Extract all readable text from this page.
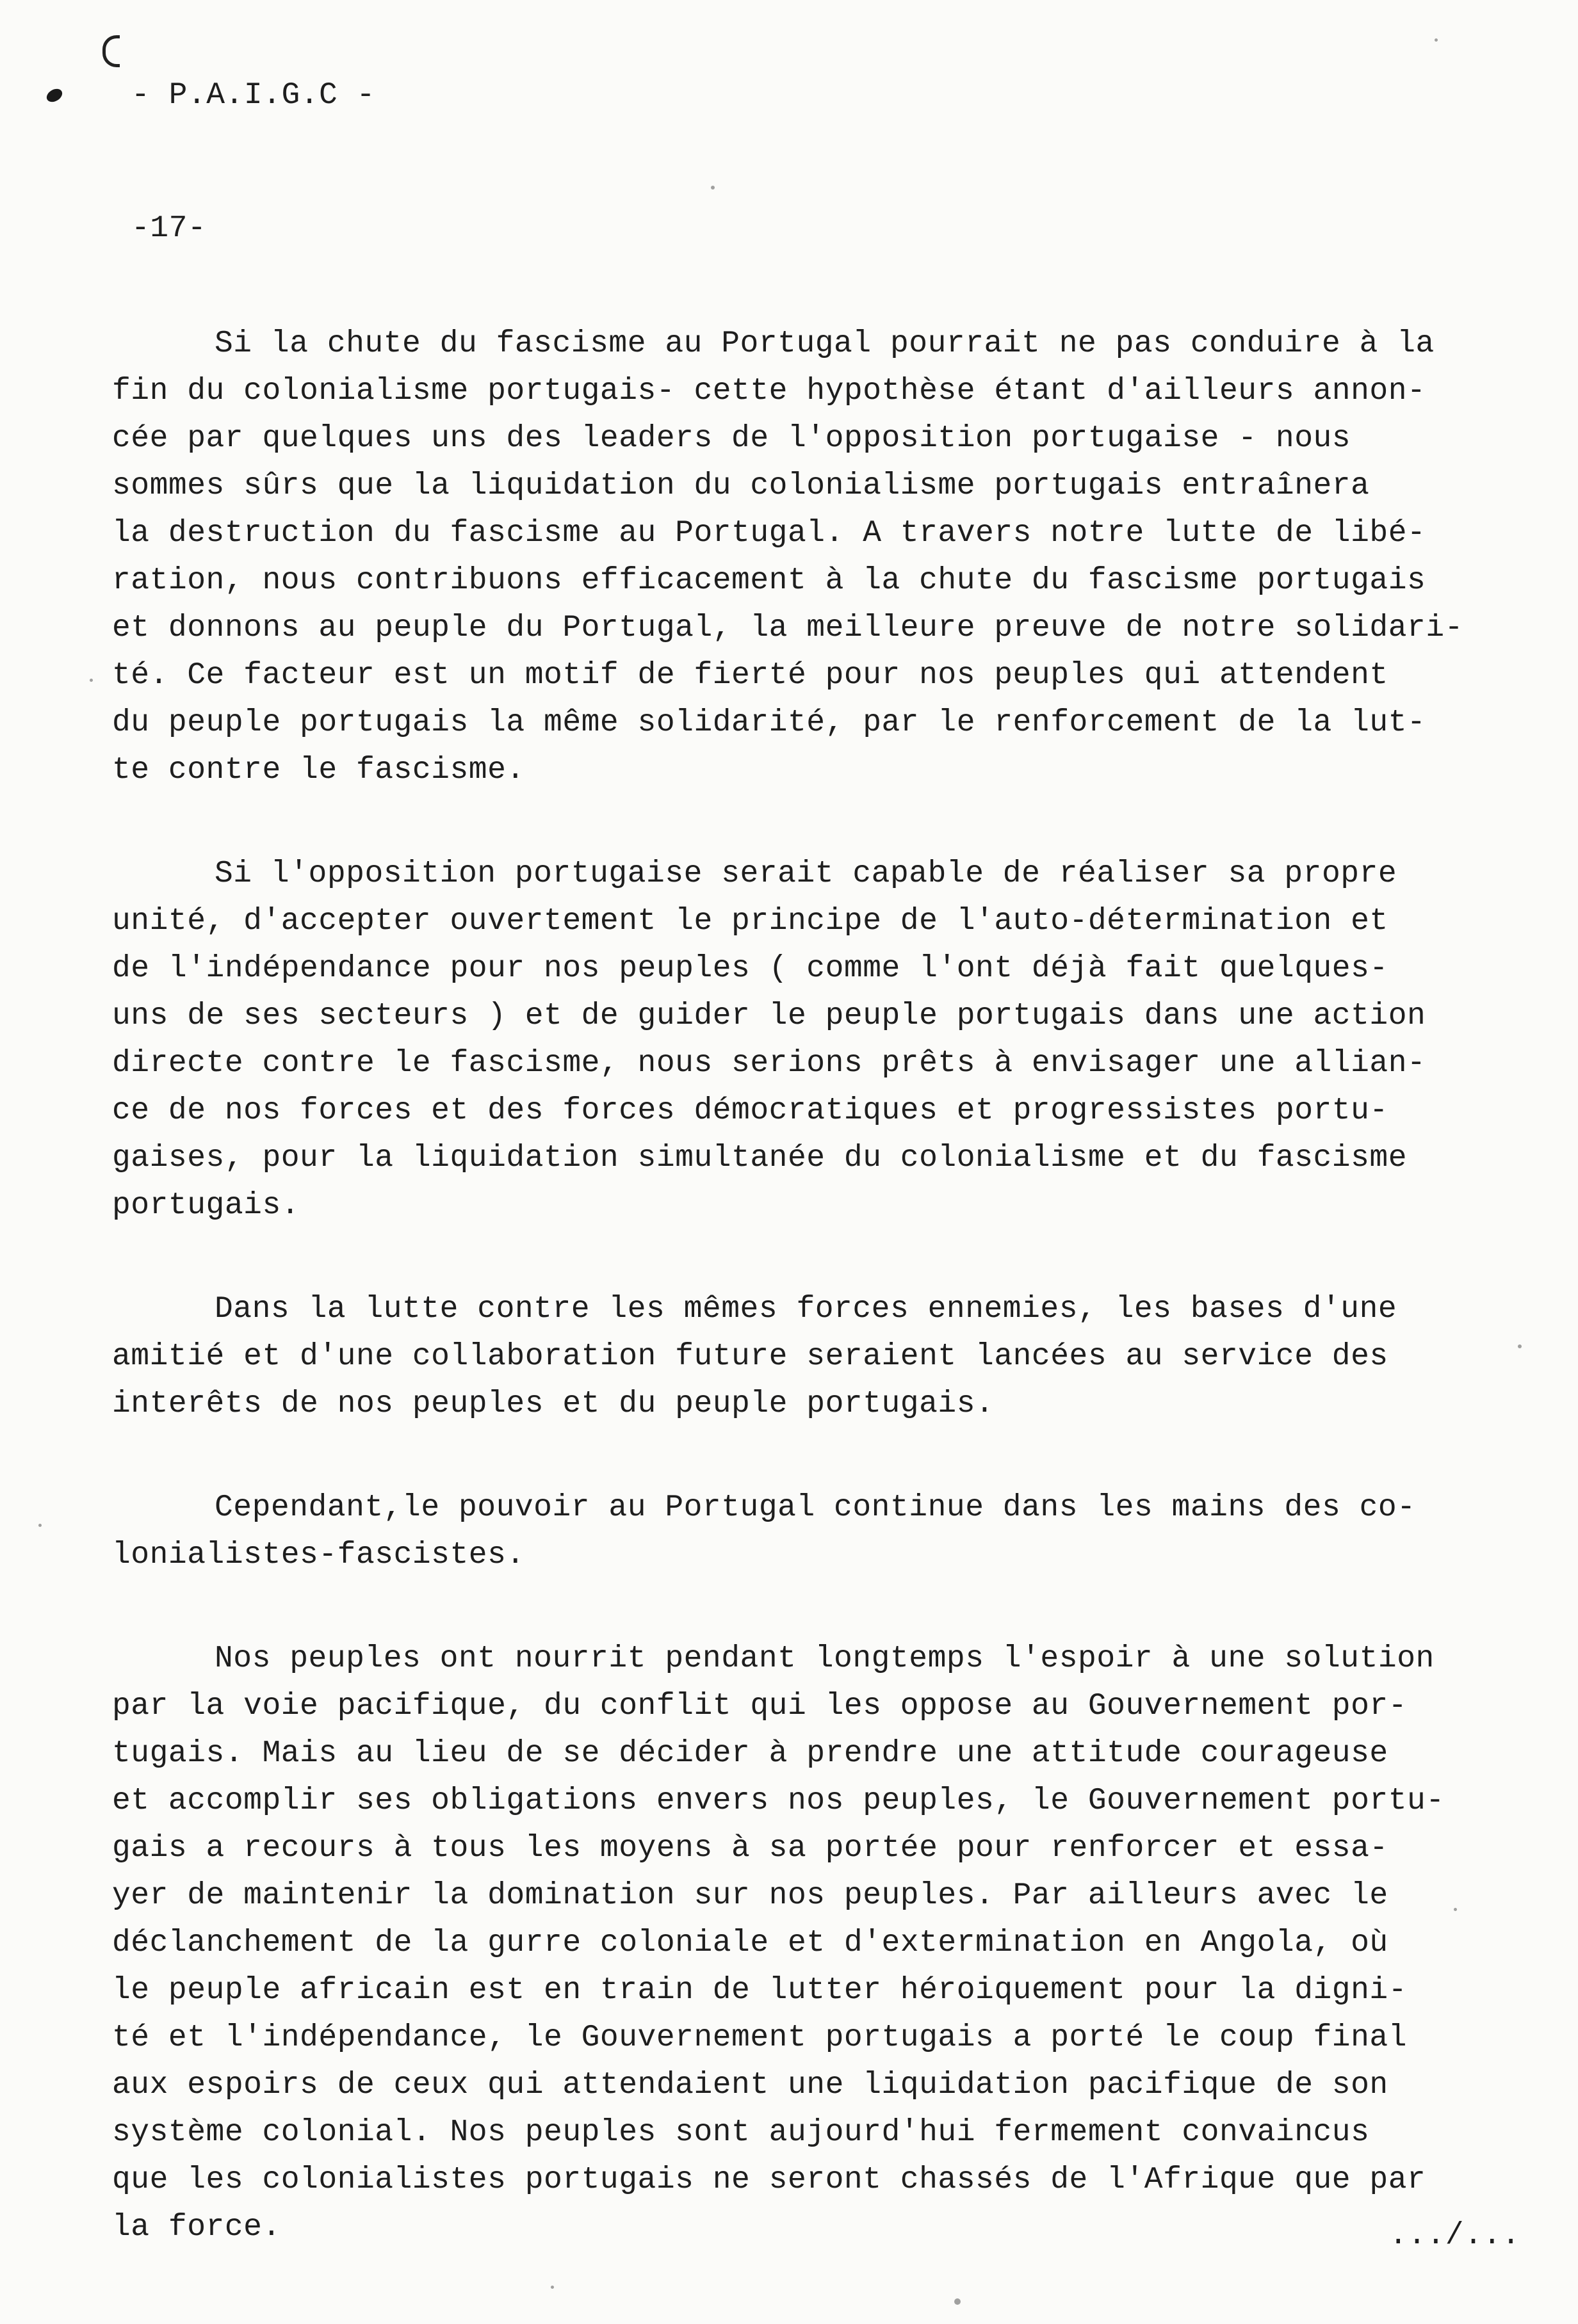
- P.A.I.G.C -
-17-
Si la chute du fascisme au Portugal pourrait ne pas conduire à la
fin du colonialisme portugais- cette hypothèse étant d'ailleurs annon-
cée par quelques uns des leaders de l'opposition portugaise - nous
sommes sûrs que la liquidation du colonialisme portugais entraînera
la destruction du fascisme au Portugal. A travers notre lutte de libé-
ration, nous contribuons efficacement à la chute du fascisme portugais
et donnons au peuple du Portugal, la meilleure preuve de notre solidari-
té. Ce facteur est un motif de fierté pour nos peuples qui attendent
du peuple portugais la même solidarité, par le renforcement de la lut-
te contre le fascisme.
Si l'opposition portugaise serait capable de réaliser sa propre
unité, d'accepter ouvertement le principe de l'auto-détermination et
de l'indépendance pour nos peuples ( comme l'ont déjà fait quelques-
uns de ses secteurs ) et de guider le peuple portugais dans une action
directe contre le fascisme, nous serions prêts à envisager une allian-
ce de nos forces et des forces démocratiques et progressistes portu-
gaises, pour la liquidation simultanée du colonialisme et du fascisme
portugais.
Dans la lutte contre les mêmes forces ennemies, les bases d'une
amitié et d'une collaboration future seraient lancées au service des
interêts de nos peuples et du peuple portugais.
Cependant,le pouvoir au Portugal continue dans les mains des co-
lonialistes-fascistes.
Nos peuples ont nourrit pendant longtemps l'espoir à une solution
par la voie pacifique, du conflit qui les oppose au Gouvernement por-
tugais. Mais au lieu de se décider à prendre une attitude courageuse
et accomplir ses obligations envers nos peuples, le Gouvernement portu-
gais a recours à tous les moyens à sa portée pour renforcer et essa-
yer de maintenir la domination sur nos peuples. Par ailleurs avec le
déclanchement de la gurre coloniale et d'extermination en Angola, où
le peuple africain est en train de lutter héroiquement pour la digni-
té et l'indépendance, le Gouvernement portugais a porté le coup final
aux espoirs de ceux qui attendaient une liquidation pacifique de son
système colonial. Nos peuples sont aujourd'hui fermement convaincus
que les colonialistes portugais ne seront chassés de l'Afrique que par
la force.	.../...
